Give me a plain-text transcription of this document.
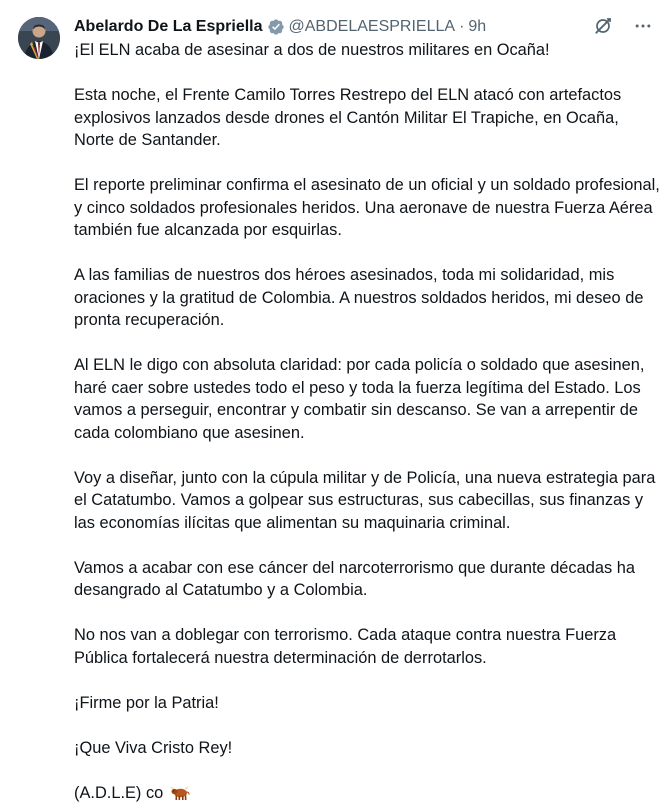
Abelardo De La Espriella @ABDELAESPRIELLA · 9h

¡El ELN acaba de asesinar a dos de nuestros militares en Ocaña!

Esta noche, el Frente Camilo Torres Restrepo del ELN atacó con artefactos explosivos lanzados desde drones el Cantón Militar El Trapiche, en Ocaña, Norte de Santander.

El reporte preliminar confirma el asesinato de un oficial y un soldado profesional, y cinco soldados profesionales heridos. Una aeronave de nuestra Fuerza Aérea también fue alcanzada por esquirlas.

A las familias de nuestros dos héroes asesinados, toda mi solidaridad, mis oraciones y la gratitud de Colombia. A nuestros soldados heridos, mi deseo de pronta recuperación.

Al ELN le digo con absoluta claridad: por cada policía o soldado que asesinen, haré caer sobre ustedes todo el peso y toda la fuerza legítima del Estado. Los vamos a perseguir, encontrar y combatir sin descanso. Se van a arrepentir de cada colombiano que asesinen.

Voy a diseñar, junto con la cúpula militar y de Policía, una nueva estrategia para el Catatumbo. Vamos a golpear sus estructuras, sus cabecillas, sus finanzas y las economías ilícitas que alimentan su maquinaria criminal.

Vamos a acabar con ese cáncer del narcoterrorismo que durante décadas ha desangrado al Catatumbo y a Colombia.

No nos van a doblegar con terrorismo. Cada ataque contra nuestra Fuerza Pública fortalecerá nuestra determinación de derrotarlos.

¡Firme por la Patria!

¡Que Viva Cristo Rey!

(A.D.L.E) co
